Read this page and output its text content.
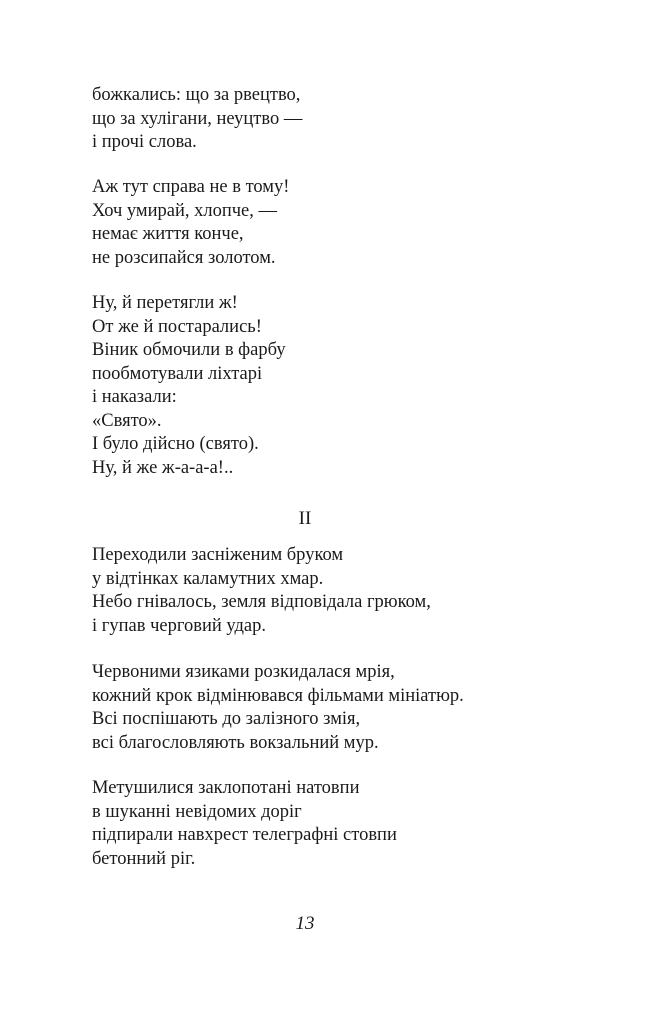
божкались: що за рвецтво,
що за хулігани, неуцтво —
і прочі слова.
Аж тут справа не в тому!
Хоч умирай, хлопче, —
немає життя конче,
не розсипайся золотом.
Ну, й перетягли ж!
От же й постарались!
Віник обмочили в фарбу
пообмотували ліхтарі
і наказали:
«Свято».
І було дійсно (свято).
Ну, й же ж-а-а-а!..
II
Переходили засніженим бруком
у відтінках каламутних хмар.
Небо гнівалось, земля відповідала грюком,
і гупав черговий удар.
Червоними язиками розкидалася мрія,
кожний крок відмінювався фільмами мініатюр.
Всі поспішають до залізного змія,
всі благословляють вокзальний мур.
Метушилися заклопотані натовпи
в шуканні невідомих доріг
підпирали навхрест телеграфні стовпи
бетонний ріг.
13
